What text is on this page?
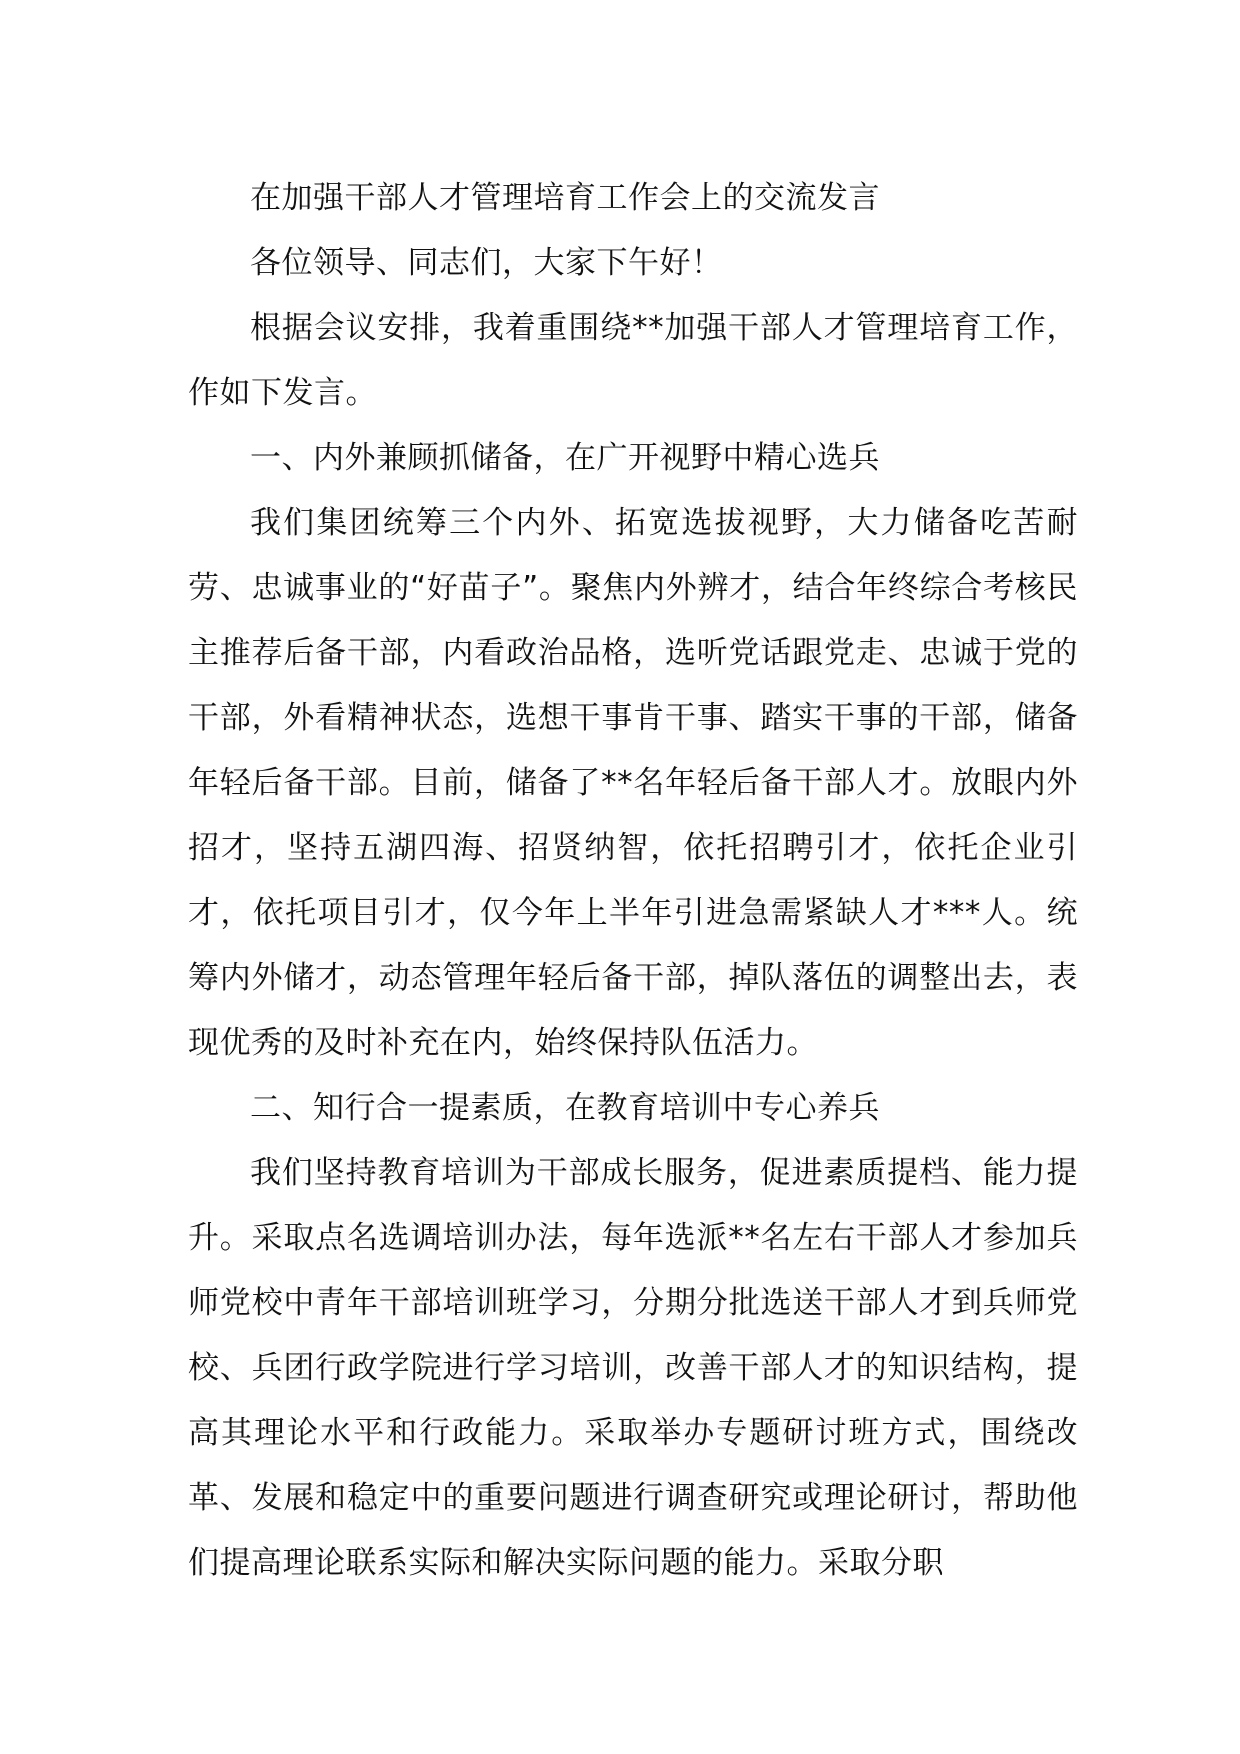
在加强干部人才管理培育工作会上的交流发言

各位领导、同志们，大家下午好！

根据会议安排，我着重围绕**加强干部人才管理培育工作，作如下发言。

一、内外兼顾抓储备，在广开视野中精心选兵

我们集团统筹三个内外、拓宽选拔视野，大力储备吃苦耐劳、忠诚事业的“好苗子”。聚焦内外辨才，结合年终综合考核民主推荐后备干部，内看政治品格，选听党话跟党走、忠诚于党的干部，外看精神状态，选想干事肯干事、踏实干事的干部，储备年轻后备干部。目前，储备了**名年轻后备干部人才。放眼内外招才，坚持五湖四海、招贤纳智，依托招聘引才，依托企业引才，依托项目引才，仅今年上半年引进急需紧缺人才***人。统筹内外储才，动态管理年轻后备干部，掉队落伍的调整出去，表现优秀的及时补充在内，始终保持队伍活力。

二、知行合一提素质，在教育培训中专心养兵

我们坚持教育培训为干部成长服务，促进素质提档、能力提升。采取点名选调培训办法，每年选派**名左右干部人才参加兵师党校中青年干部培训班学习，分期分批选送干部人才到兵师党校、兵团行政学院进行学习培训，改善干部人才的知识结构，提高其理论水平和行政能力。采取举办专题研讨班方式，围绕改革、发展和稳定中的重要问题进行调查研究或理论研讨，帮助他们提高理论联系实际和解决实际问题的能力。采取分职
